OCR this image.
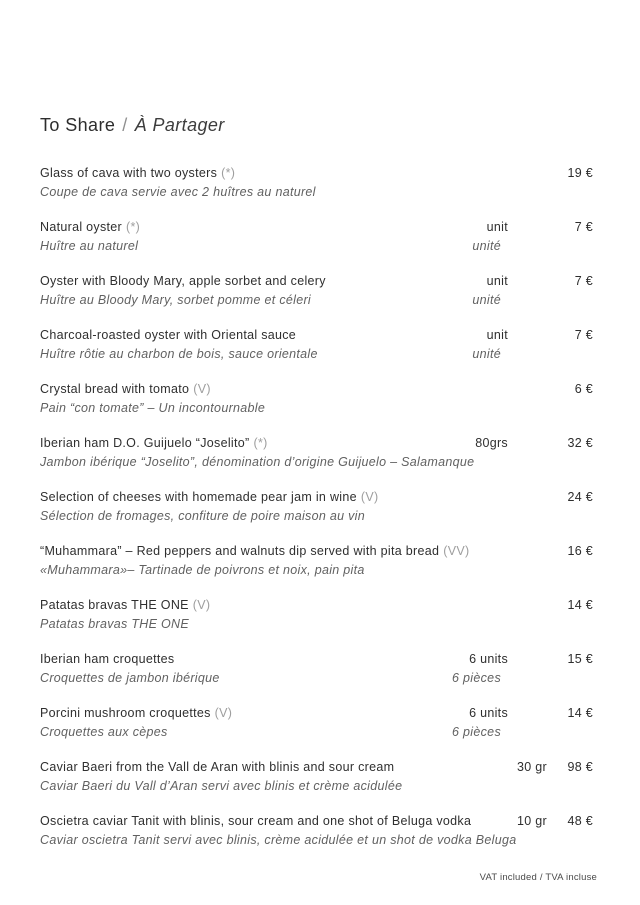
To Share / À Partager
Glass of cava with two oysters (*)	19 €
Coupe de cava servie avec 2 huîtres au naturel
Natural oyster (*)	unit	7 €
Huître au naturel	unité
Oyster with Bloody Mary, apple sorbet and celery	unit	7 €
Huître au Bloody Mary, sorbet pomme et céleri	unité
Charcoal-roasted oyster with Oriental sauce	unit	7 €
Huître rôtie au charbon de bois, sauce orientale	unité
Crystal bread with tomato (V)	6 €
Pain “con tomate” – Un incontournable
Iberian ham D.O. Guijuelo “Joselito” (*)	80grs	32 €
Jambon ibérique “Joselito”, dénomination d’origine Guijuelo – Salamanque
Selection of cheeses with homemade pear jam in wine (V)	24 €
Sélection de fromages, confiture de poire maison au vin
“Muhammara” – Red peppers and walnuts dip served with pita bread (VV)	16 €
«Muhammara»– Tartinade de poivrons et noix, pain pita
Patatas bravas THE ONE (V)	14 €
Patatas bravas THE ONE
Iberian ham croquettes	6 units	15 €
Croquettes de jambon ibérique	6 pièces
Porcini mushroom croquettes (V)	6 units	14 €
Croquettes aux cèpes	6 pièces
Caviar Baeri from the Vall de Aran with blinis and sour cream	30 gr	98 €
Caviar Baeri du Vall d’Aran servi avec blinis et crème acidulée
Oscietra caviar Tanit with blinis, sour cream and one shot of Beluga vodka	10 gr	48 €
Caviar oscietra Tanit servi avec blinis, crème acidulée et un shot de vodka Beluga
VAT included / TVA incluse
